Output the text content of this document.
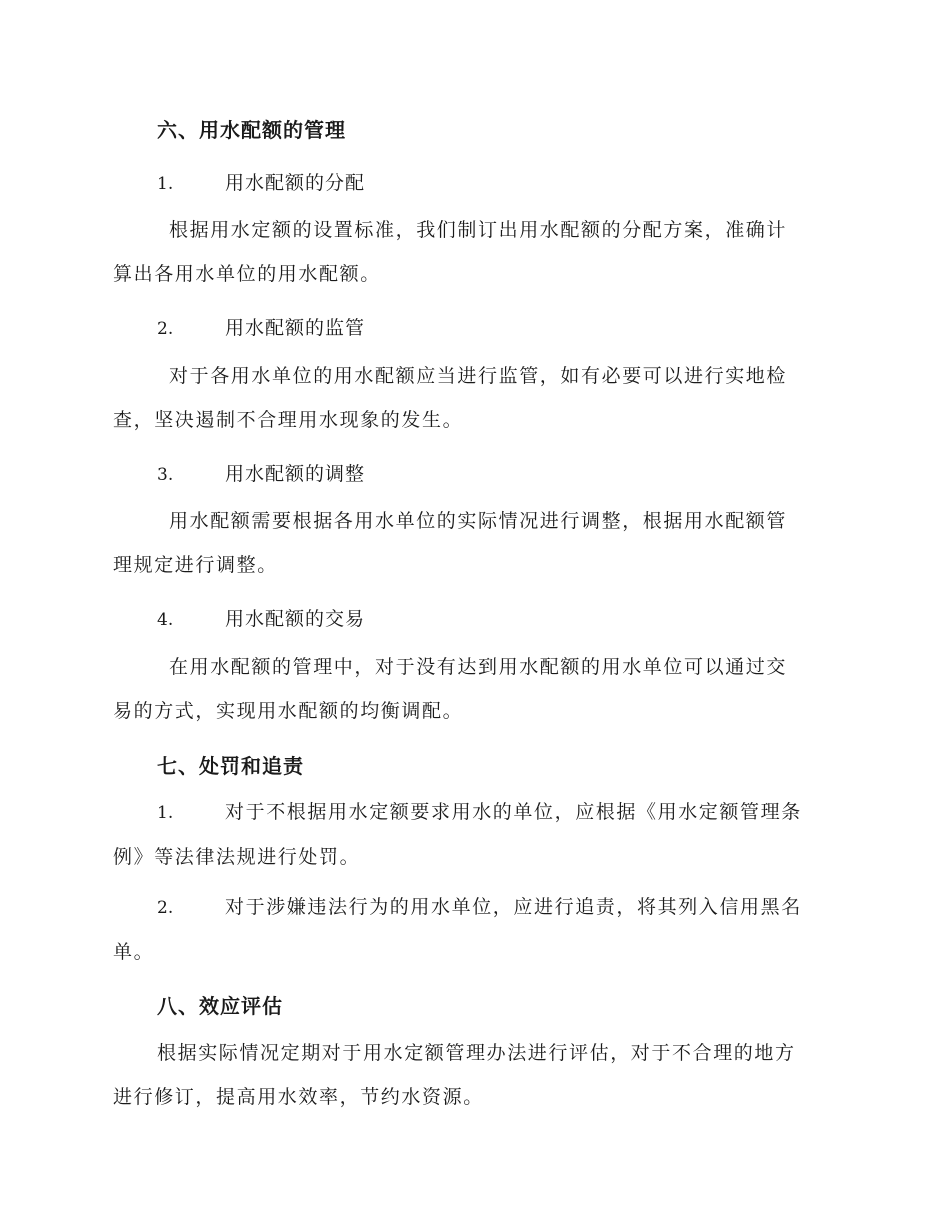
六、用水配额的管理
1.	用水配额的分配
根据用水定额的设置标准，我们制订出用水配额的分配方案，准确计
算出各用水单位的用水配额。
2.	用水配额的监管
对于各用水单位的用水配额应当进行监管，如有必要可以进行实地检
查，坚决遏制不合理用水现象的发生。
3.	用水配额的调整
用水配额需要根据各用水单位的实际情况进行调整，根据用水配额管
理规定进行调整。
4.	用水配额的交易
在用水配额的管理中，对于没有达到用水配额的用水单位可以通过交
易的方式，实现用水配额的均衡调配。
七、处罚和追责
1.	对于不根据用水定额要求用水的单位，应根据《用水定额管理条
例》等法律法规进行处罚。
2.	对于涉嫌违法行为的用水单位，应进行追责，将其列入信用黑名
单。
八、效应评估
根据实际情况定期对于用水定额管理办法进行评估，对于不合理的地方
进行修订，提高用水效率，节约水资源。
